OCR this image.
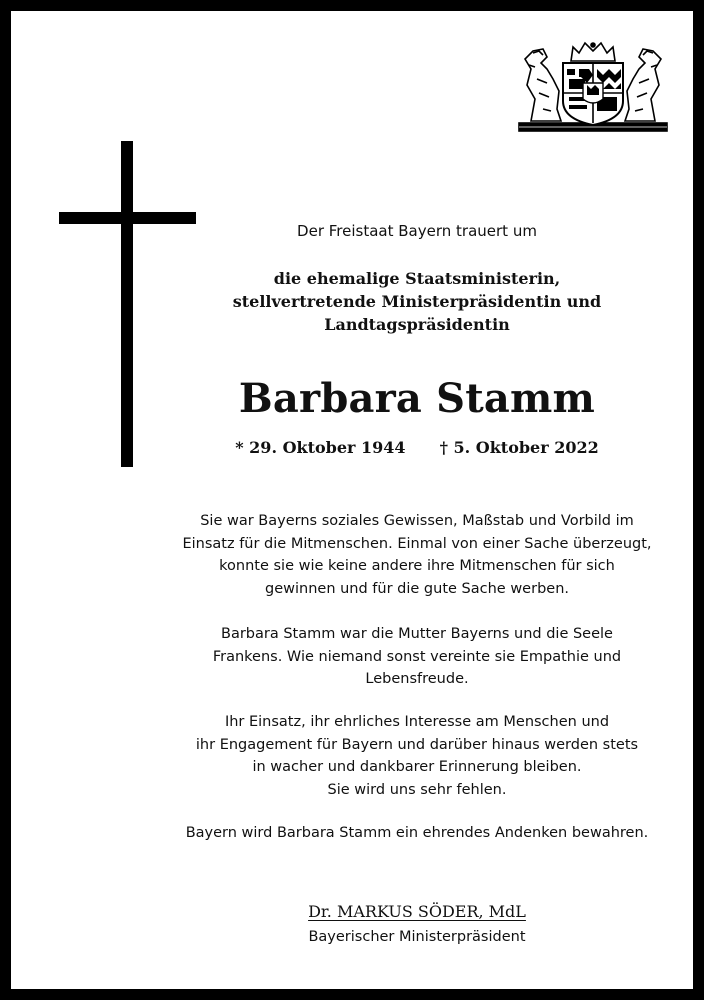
Der Freistaat Bayern trauert um
die ehemalige Staatsministerin,
stellvertretende Ministerpräsidentin und
Landtagspräsidentin
Barbara Stamm
* 29. Oktober 1944 † 5. Oktober 2022
Sie war Bayerns soziales Gewissen, Maßstab und Vorbild im
Einsatz für die Mitmenschen. Einmal von einer Sache überzeugt,
konnte sie wie keine andere ihre Mitmenschen für sich
gewinnen und für die gute Sache werben.
Barbara Stamm war die Mutter Bayerns und die Seele
Frankens. Wie niemand sonst vereinte sie Empathie und
Lebensfreude.
Ihr Einsatz, ihr ehrliches Interesse am Menschen und
ihr Engagement für Bayern und darüber hinaus werden stets
in wacher und dankbarer Erinnerung bleiben.
Sie wird uns sehr fehlen.
Bayern wird Barbara Stamm ein ehrendes Andenken bewahren.
Dr. MARKUS SÖDER, MdL
Bayerischer Ministerpräsident
